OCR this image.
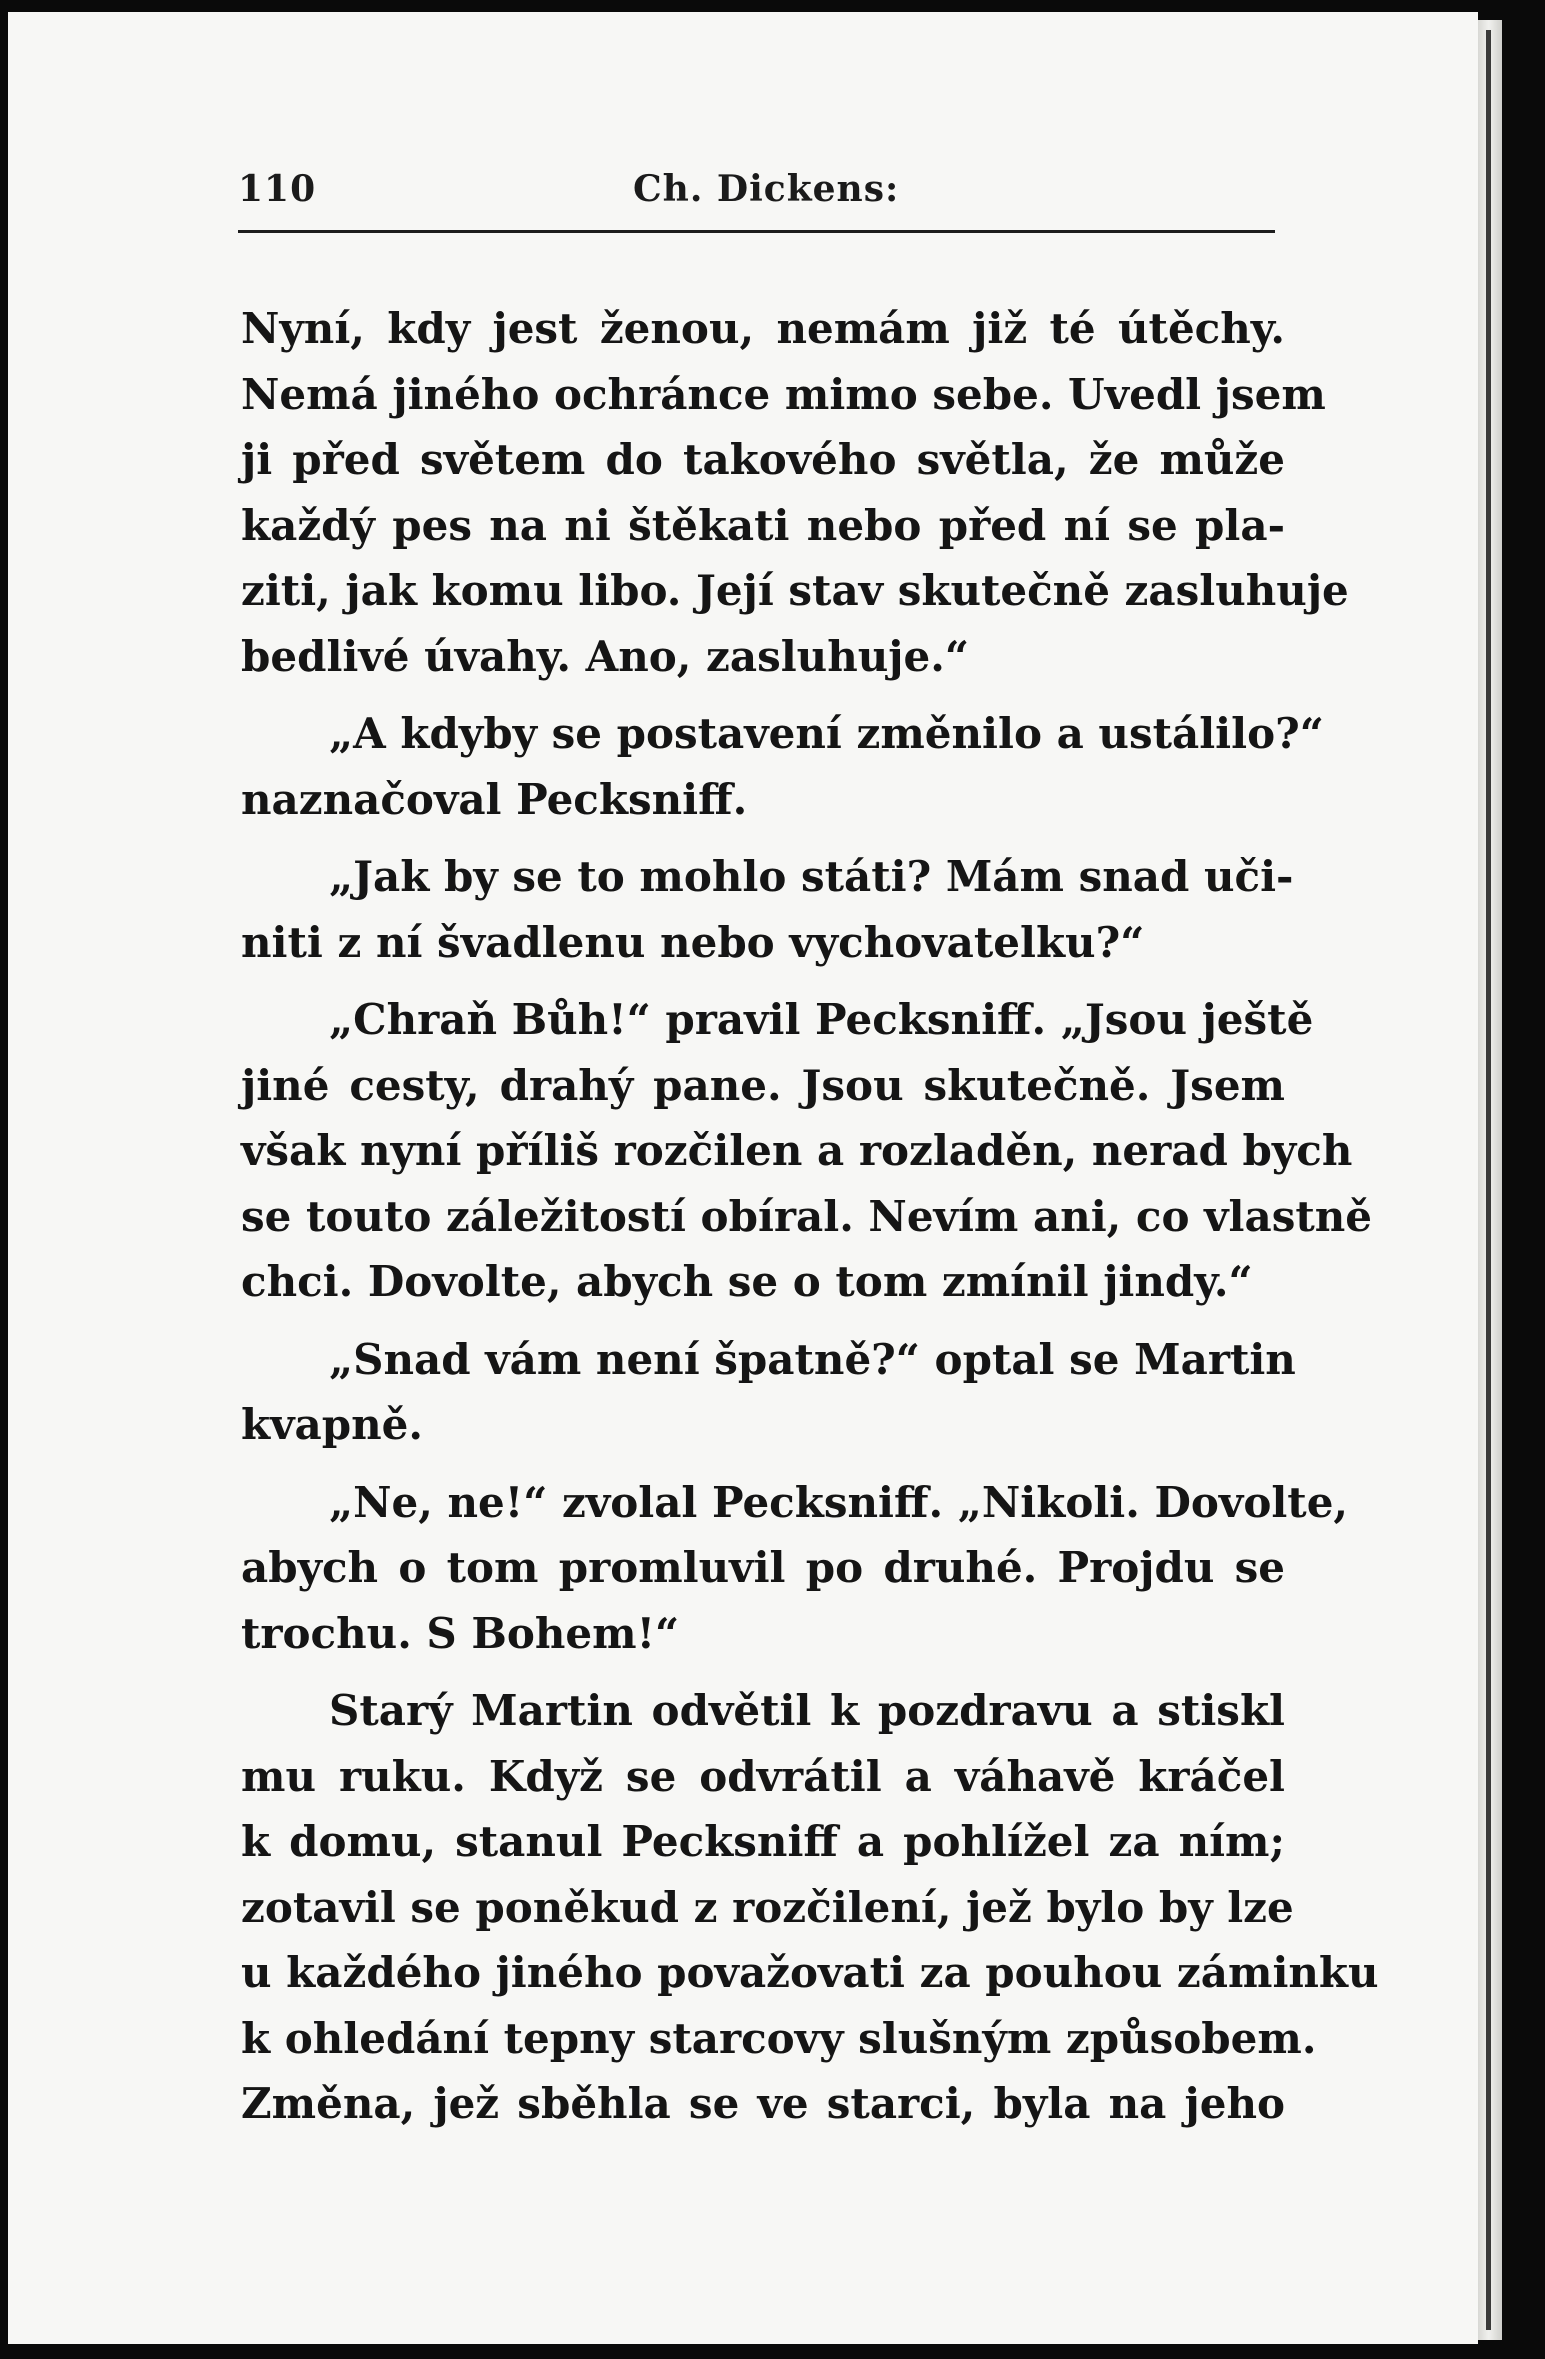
110	Ch. Dickens:
Nyní, kdy jest ženou, nemám již té útěchy.
Nemá jiného ochránce mimo sebe. Uvedl jsem
ji před světem do takového světla, že může
každý pes na ni štěkati nebo před ní se pla-
ziti, jak komu libo. Její stav skutečně zasluhuje
bedlivé úvahy. Ano, zasluhuje.“
„A kdyby se postavení změnilo a ustálilo?“
naznačoval Pecksniff.
„Jak by se to mohlo státi? Mám snad uči-
niti z ní švadlenu nebo vychovatelku?“
„Chraň Bůh!“ pravil Pecksniff. „Jsou ještě
jiné cesty, drahý pane. Jsou skutečně. Jsem
však nyní příliš rozčilen a rozladěn, nerad bych
se touto záležitostí obíral. Nevím ani, co vlastně
chci. Dovolte, abych se o tom zmínil jindy.“
„Snad vám není špatně?“ optal se Martin
kvapně.
„Ne, ne!“ zvolal Pecksniff. „Nikoli. Dovolte,
abych o tom promluvil po druhé. Projdu se
trochu. S Bohem!“
Starý Martin odvětil k pozdravu a stiskl
mu ruku. Když se odvrátil a váhavě kráčel
k domu, stanul Pecksniff a pohlížel za ním;
zotavil se poněkud z rozčilení, jež bylo by lze
u každého jiného považovati za pouhou záminku
k ohledání tepny starcovy slušným způsobem.
Změna, jež sběhla se ve starci, byla na jeho
